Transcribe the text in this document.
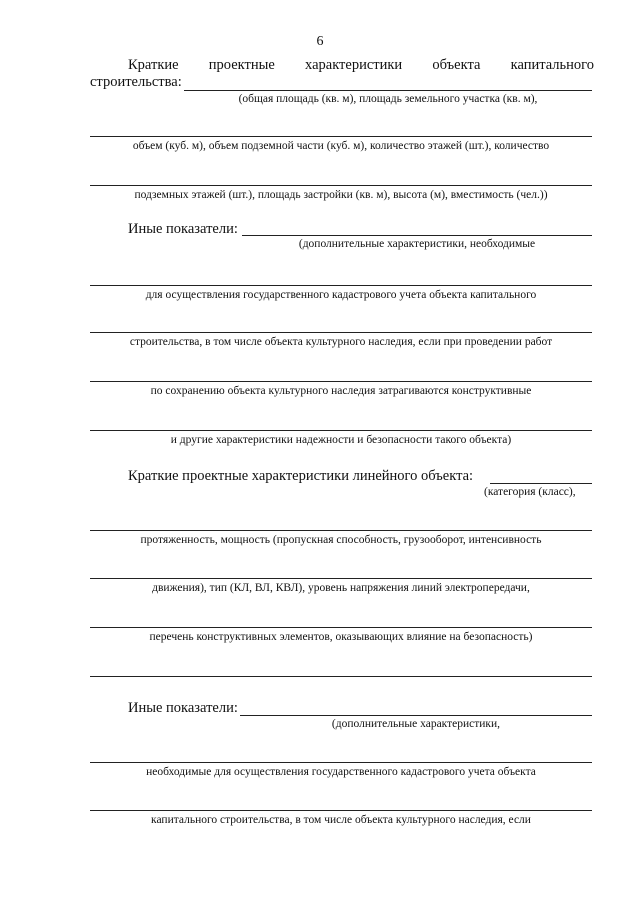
6
Краткие проектные характеристики объекта капитального
строительства:
(общая площадь (кв. м), площадь земельного участка (кв. м),
объем (куб. м), объем подземной части (куб. м), количество этажей (шт.), количество
подземных этажей (шт.), площадь застройки (кв. м), высота (м), вместимость (чел.))
Иные показатели:
(дополнительные характеристики, необходимые
для осуществления государственного кадастрового учета объекта капитального
строительства, в том числе объекта культурного наследия, если при проведении работ
по сохранению объекта культурного наследия затрагиваются конструктивные
и другие характеристики надежности и безопасности такого объекта)
Краткие проектные характеристики линейного объекта:
(категория (класс),
протяженность, мощность (пропускная способность, грузооборот, интенсивность
движения), тип (КЛ, ВЛ, КВЛ), уровень напряжения линий электропередачи,
перечень конструктивных элементов, оказывающих влияние на безопасность)
Иные показатели:
(дополнительные характеристики,
необходимые для осуществления государственного кадастрового учета объекта
капитального строительства, в том числе объекта культурного наследия, если
